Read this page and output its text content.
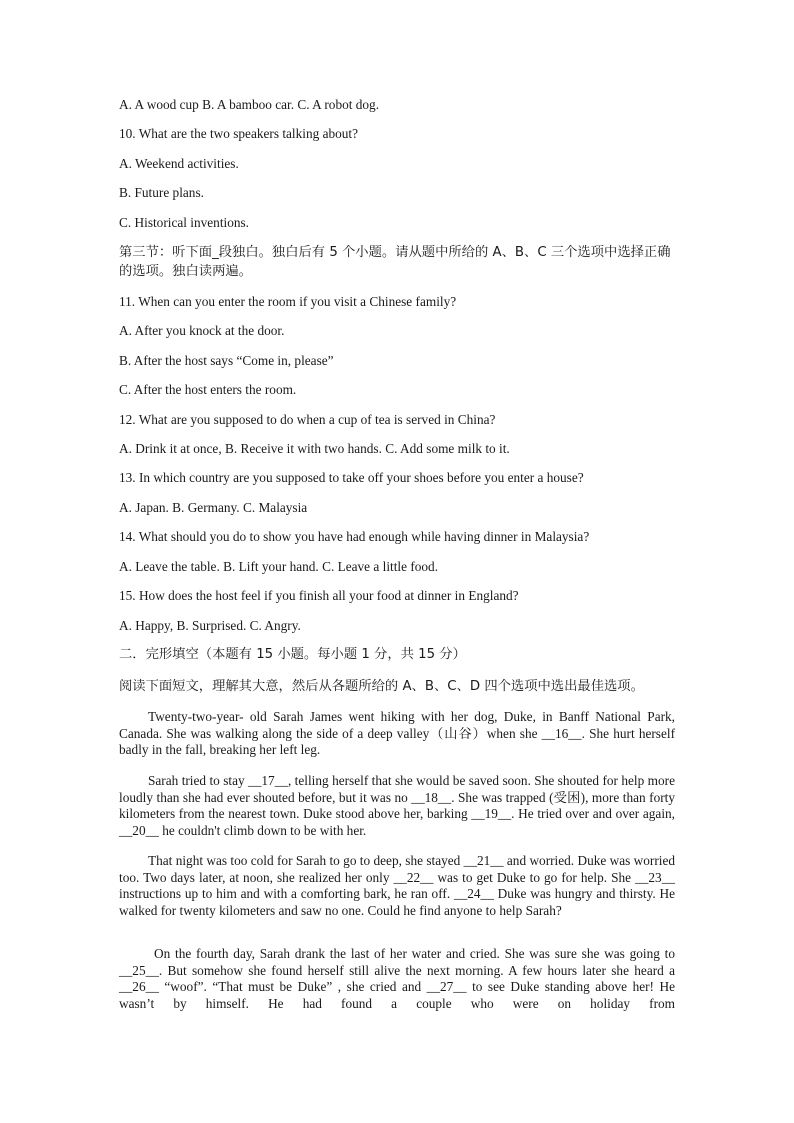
A. A wood cup B. A bamboo car. C. A robot dog.
10. What are the two speakers talking about?
A. Weekend activities.
B. Future plans.
C. Historical inventions.
第三节：听下面_段独白。独白后有 5 个小题。请从题中所给的 A、B、C 三个选项中选择正确的选项。独白读两遍。
11. When can you enter the room if you visit a Chinese family?
A. After you knock at the door.
B. After the host says “Come in, please”
C. After the host enters the room.
12. What are you supposed to do when a cup of tea is served in China?
A. Drink it at once, B. Receive it with two hands. C. Add some milk to it.
13. In which country are you supposed to take off your shoes before you enter a house?
A. Japan. B. Germany. C. Malaysia
14. What should you do to show you have had enough while having dinner in Malaysia?
A. Leave the table. B. Lift your hand. C. Leave a little food.
15. How does the host feel if you finish all your food at dinner in England?
A. Happy, B. Surprised. C. Angry.
二．完形填空（本题有 15 小题。每小题 1 分，共 15 分）
阅读下面短文，理解其大意，然后从各题所给的 A、B、C、D 四个选项中选出最佳选项。
Twenty-two-year- old Sarah James went hiking with her dog, Duke, in Banff National Park, Canada. She was walking along the side of a deep valley（山谷）when she __16__. She hurt herself badly in the fall, breaking her left leg.
Sarah tried to stay __17__, telling herself that she would be saved soon. She shouted for help more loudly than she had ever shouted before, but it was no __18__. She was trapped (受困), more than forty kilometers from the nearest town. Duke stood above her, barking __19__. He tried over and over again, __20__ he couldn't climb down to be with her.
That night was too cold for Sarah to go to deep, she stayed __21__ and worried. Duke was worried too. Two days later, at noon, she realized her only __22__ was to get Duke to go for help. She __23__ instructions up to him and with a comforting bark, he ran off. __24__ Duke was hungry and thirsty. He walked for twenty kilometers and saw no one. Could he find anyone to help Sarah?
On the fourth day, Sarah drank the last of her water and cried. She was sure she was going to __25__. But somehow she found herself still alive the next morning. A few hours later she heard a __26__ “woof”. “That must be Duke” , she cried and __27__ to see Duke standing above her! He wasn’t by himself. He had found a couple who were on holiday from
